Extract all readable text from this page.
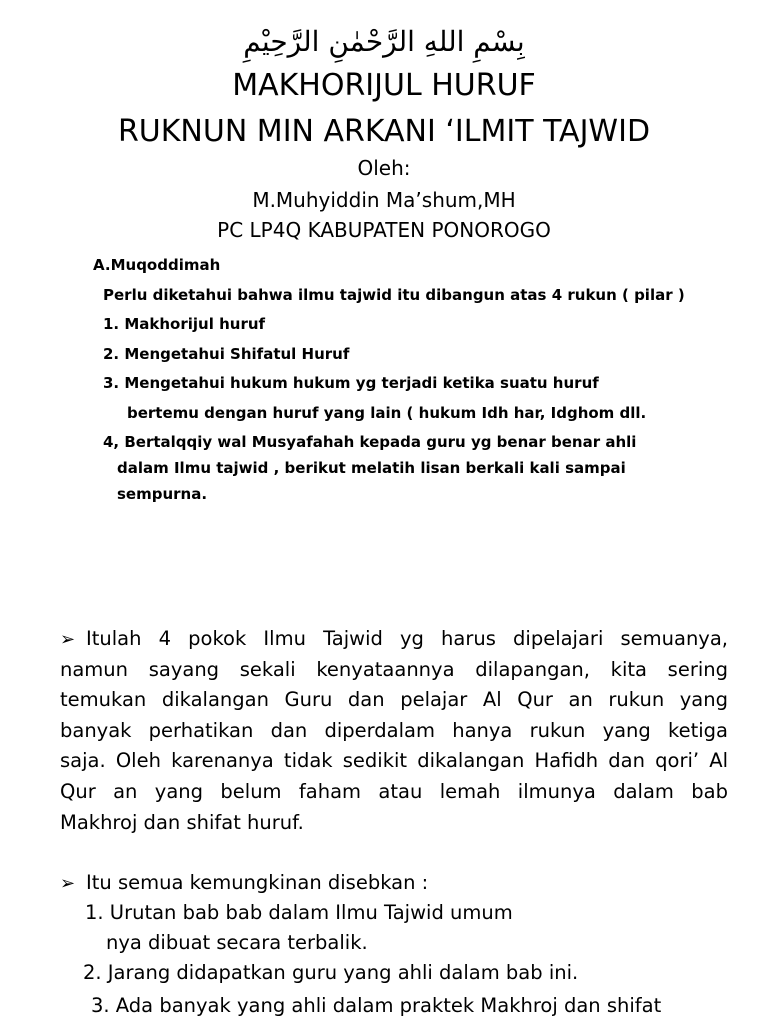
بِسْمِ اللهِ الرَّحْمٰنِ الرَّحِيْمِ
MAKHORIJUL HURUF
RUKNUN MIN ARKANI ‘ILMIT TAJWID
Oleh:
M.Muhyiddin Ma’shum,MH
PC LP4Q KABUPATEN PONOROGO
A.Muqoddimah
Perlu diketahui bahwa ilmu tajwid itu dibangun atas 4 rukun ( pilar )
1. Makhorijul huruf
2. Mengetahui Shifatul Huruf
3. Mengetahui hukum hukum yg terjadi ketika suatu huruf
bertemu dengan huruf yang lain ( hukum Idh har, Idghom dll.
4, Bertalqqiy wal Musyafahah kepada guru yg benar benar ahli
dalam Ilmu tajwid , berikut melatih lisan berkali kali sampai
sempurna.
➢ Itulah 4 pokok Ilmu Tajwid yg harus dipelajari semuanya,
namun sayang sekali kenyataannya dilapangan, kita sering
temukan dikalangan Guru dan pelajar Al Qur an rukun yang
banyak perhatikan dan diperdalam hanya rukun yang ketiga
saja. Oleh karenanya tidak sedikit dikalangan Hafidh dan qori’ Al
Qur an yang belum faham atau lemah ilmunya dalam bab
Makhroj dan shifat huruf.
➢ Itu semua kemungkinan disebkan :
1. Urutan bab bab dalam Ilmu Tajwid umum
nya dibuat secara terbalik.
2. Jarang didapatkan guru yang ahli dalam bab ini.
3. Ada banyak yang ahli dalam praktek Makhroj dan shifat
